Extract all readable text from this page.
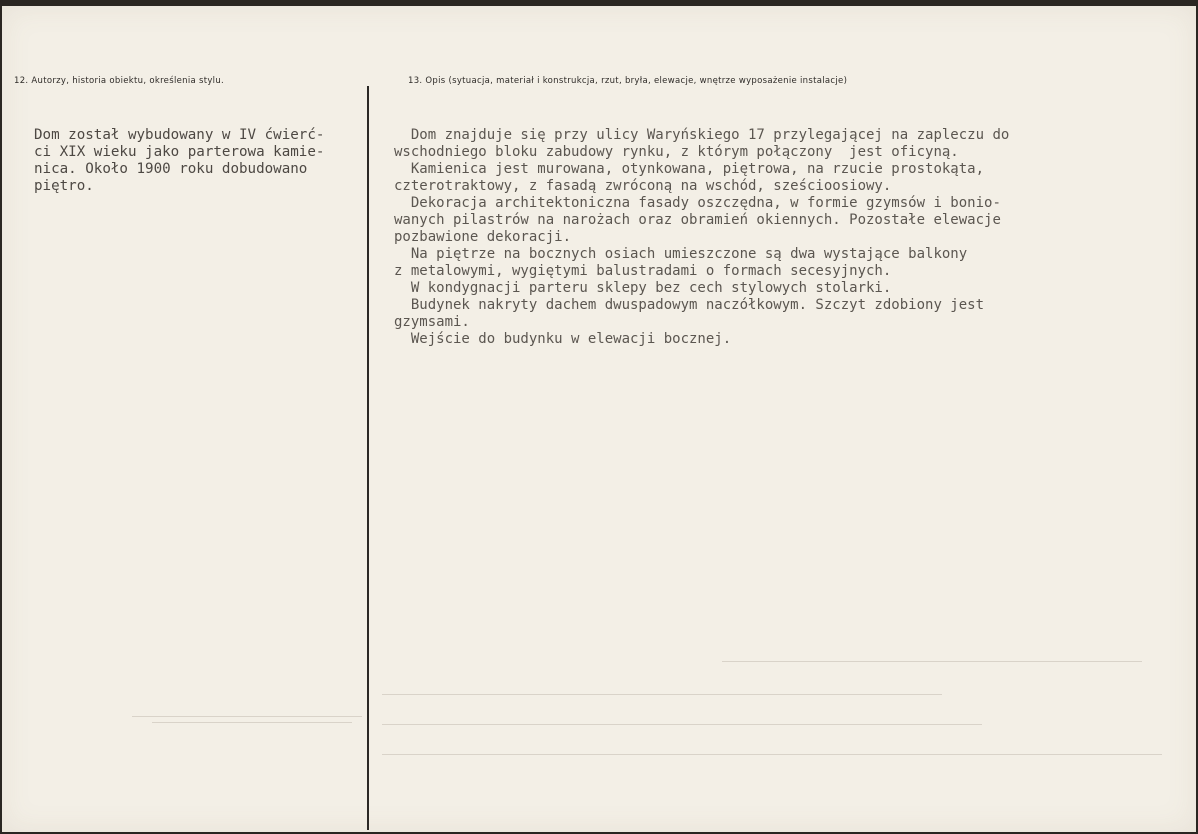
12. Autorzy, historia obiektu, określenia stylu.	13. Opis (sytuacja, materiał i konstrukcja, rzut, bryła, elewacje, wnętrze wyposażenie instalacje)

Dom został wybudowany w IV ćwierć-

ci XIX wieku jako parterowa kamie-

nica. Około 1900 roku dobudowano

piętro.

Dom znajduje się przy ulicy Waryńskiego 17 przylegającej na zapleczu do

wschodniego bloku zabudowy rynku, z którym połączony  jest oficyną.

Kamienica jest murowana, otynkowana, piętrowa, na rzucie prostokąta,

czterotraktowy, z fasadą zwróconą na wschód, sześcioosiowy.

Dekoracja architektoniczna fasady oszczędna, w formie gzymsów i bonio-

wanych pilastrów na narożach oraz obramień okiennych. Pozostałe elewacje

pozbawione dekoracji.

Na piętrze na bocznych osiach umieszczone są dwa wystające balkony

z metalowymi, wygiętymi balustradami o formach secesyjnych.

W kondygnacji parteru sklepy bez cech stylowych stolarki.

Budynek nakryty dachem dwuspadowym naczółkowym. Szczyt zdobiony jest

gzymsami.

Wejście do budynku w elewacji bocznej.
